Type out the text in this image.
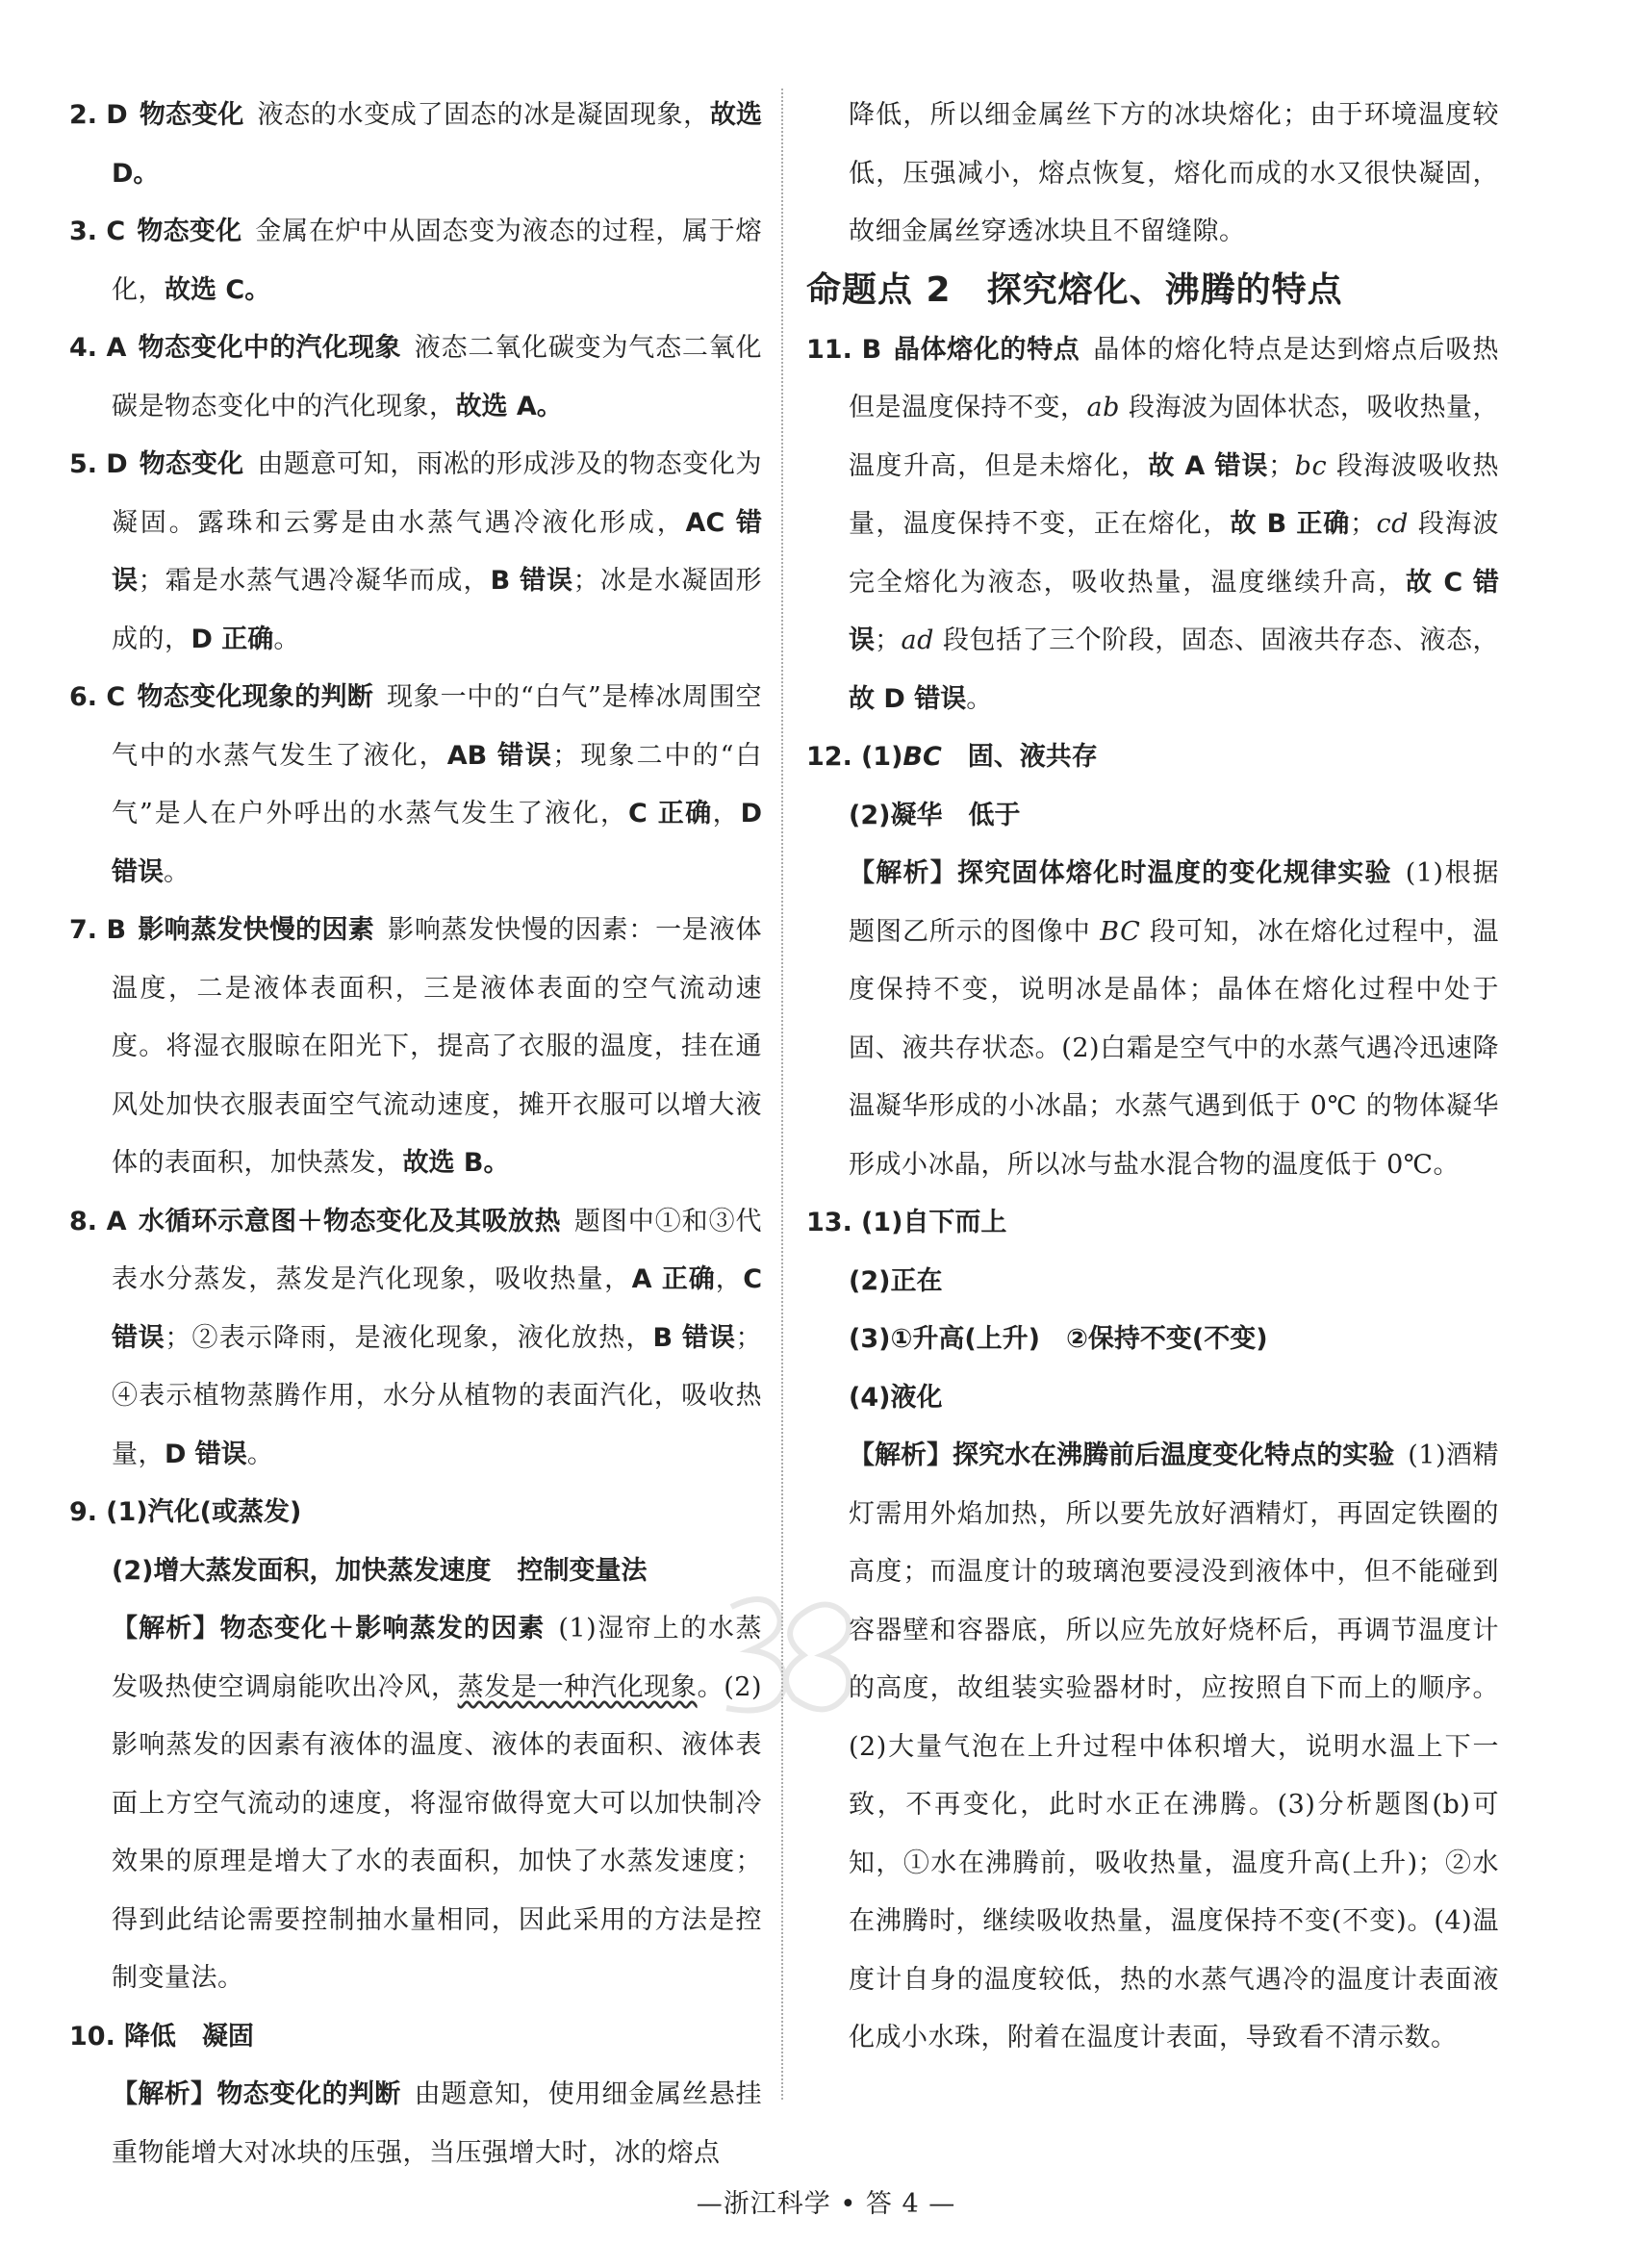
2. D 物态变化 液态的水变成了固态的冰是凝固现象，故选 D。
3. C 物态变化 金属在炉中从固态变为液态的过程，属于熔化，故选 C。
4. A 物态变化中的汽化现象 液态二氧化碳变为气态二氧化碳是物态变化中的汽化现象，故选 A。
5. D 物态变化 由题意可知，雨凇的形成涉及的物态变化为凝固。露珠和云雾是由水蒸气遇冷液化形成，AC 错误；霜是水蒸气遇冷凝华而成，B 错误；冰是水凝固形成的，D 正确。
6. C 物态变化现象的判断 现象一中的“白气”是棒冰周围空气中的水蒸气发生了液化，AB 错误；现象二中的“白气”是人在户外呼出的水蒸气发生了液化，C 正确，D 错误。
7. B 影响蒸发快慢的因素 影响蒸发快慢的因素：一是液体温度，二是液体表面积，三是液体表面的空气流动速度。将湿衣服晾在阳光下，提高了衣服的温度，挂在通风处加快衣服表面空气流动速度，摊开衣服可以增大液体的表面积，加快蒸发，故选 B。
8. A 水循环示意图＋物态变化及其吸放热 题图中①和③代表水分蒸发，蒸发是汽化现象，吸收热量，A 正确，C 错误；②表示降雨，是液化现象，液化放热，B 错误；④表示植物蒸腾作用，水分从植物的表面汽化，吸收热量，D 错误。
9. (1)汽化(或蒸发)
(2)增大蒸发面积，加快蒸发速度　控制变量法
【解析】物态变化＋影响蒸发的因素 (1)湿帘上的水蒸发吸热使空调扇能吹出冷风，蒸发是一种汽化现象。(2)影响蒸发的因素有液体的温度、液体的表面积、液体表面上方空气流动的速度，将湿帘做得宽大可以加快制冷效果的原理是增大了水的表面积，加快了水蒸发速度；得到此结论需要控制抽水量相同，因此采用的方法是控制变量法。
10. 降低　凝固
【解析】物态变化的判断 由题意知，使用细金属丝悬挂重物能增大对冰块的压强，当压强增大时，冰的熔点
降低，所以细金属丝下方的冰块熔化；由于环境温度较低，压强减小，熔点恢复，熔化而成的水又很快凝固，故细金属丝穿透冰块且不留缝隙。
命题点 2　 探究熔化、沸腾的特点
11. B 晶体熔化的特点 晶体的熔化特点是达到熔点后吸热但是温度保持不变，ab 段海波为固体状态，吸收热量，温度升高，但是未熔化，故 A 错误；bc 段海波吸收热量，温度保持不变，正在熔化，故 B 正确；cd 段海波完全熔化为液态，吸收热量，温度继续升高，故 C 错误；ad 段包括了三个阶段，固态、固液共存态、液态，故 D 错误。
12. (1)BC　固、液共存
(2)凝华　低于
【解析】探究固体熔化时温度的变化规律实验 (1)根据题图乙所示的图像中 BC 段可知，冰在熔化过程中，温度保持不变，说明冰是晶体；晶体在熔化过程中处于固、液共存状态。(2)白霜是空气中的水蒸气遇冷迅速降温凝华形成的小冰晶；水蒸气遇到低于 0℃ 的物体凝华形成小冰晶，所以冰与盐水混合物的温度低于 0℃。
13. (1)自下而上
(2)正在
(3)①升高(上升)　②保持不变(不变)
(4)液化
【解析】探究水在沸腾前后温度变化特点的实验 (1)酒精灯需用外焰加热，所以要先放好酒精灯，再固定铁圈的高度；而温度计的玻璃泡要浸没到液体中，但不能碰到容器壁和容器底，所以应先放好烧杯后，再调节温度计的高度，故组装实验器材时，应按照自下而上的顺序。(2)大量气泡在上升过程中体积增大，说明水温上下一致，不再变化，此时水正在沸腾。(3)分析题图(b)可知，①水在沸腾前，吸收热量，温度升高(上升)；②水在沸腾时，继续吸收热量，温度保持不变(不变)。(4)温度计自身的温度较低，热的水蒸气遇冷的温度计表面液化成小水珠，附着在温度计表面，导致看不清示数。
—浙江科学 • 答 4 —
